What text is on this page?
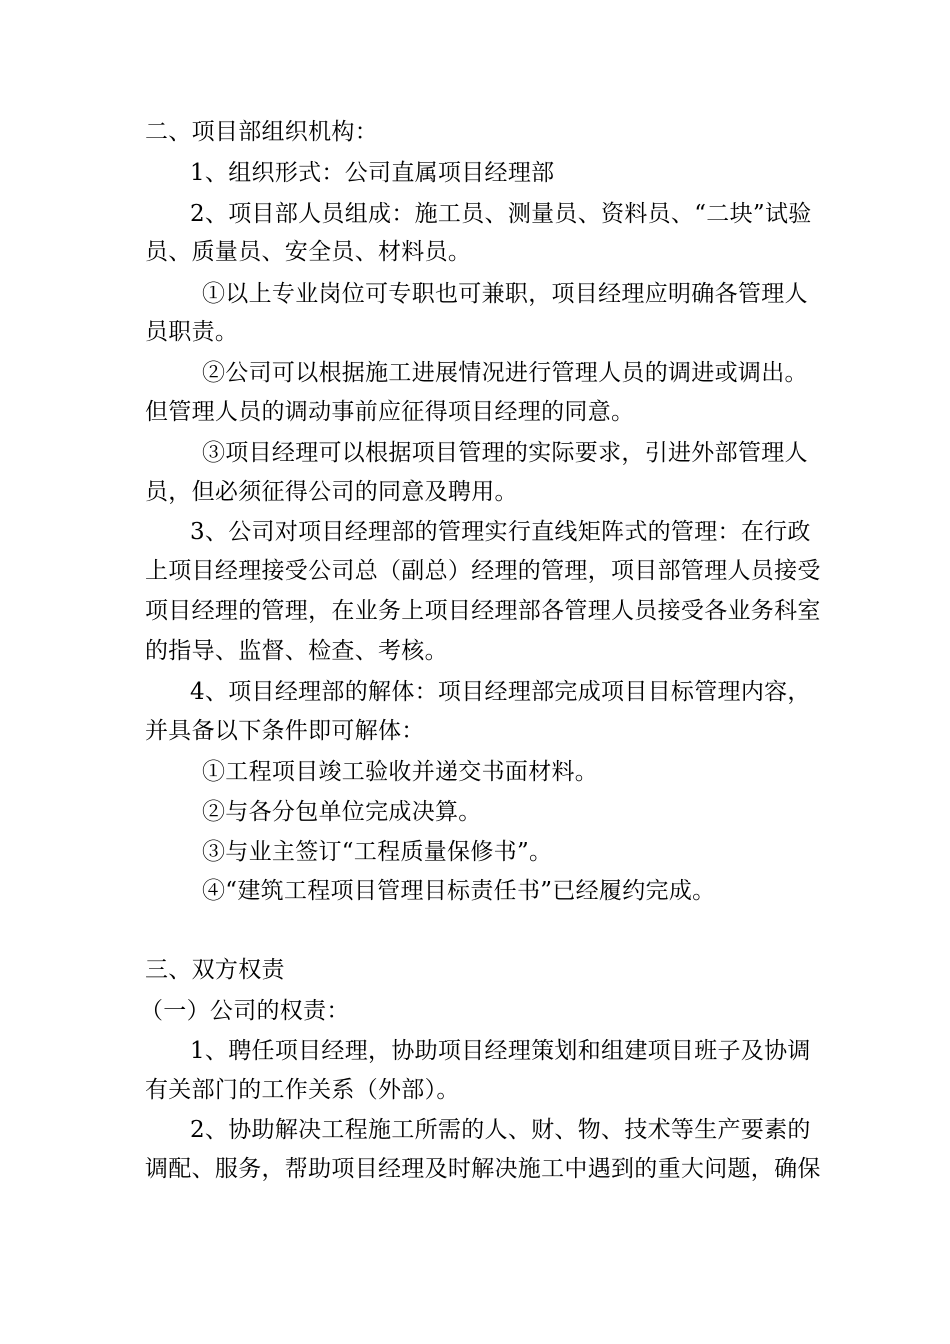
二、项目部组织机构：
1、组织形式：公司直属项目经理部
2、项目部人员组成：施工员、测量员、资料员、“二块”试验
员、质量员、安全员、材料员。
①以上专业岗位可专职也可兼职，项目经理应明确各管理人
员职责。
②公司可以根据施工进展情况进行管理人员的调进或调出。
但管理人员的调动事前应征得项目经理的同意。
③项目经理可以根据项目管理的实际要求，引进外部管理人
员，但必须征得公司的同意及聘用。
3、公司对项目经理部的管理实行直线矩阵式的管理：在行政
上项目经理接受公司总（副总）经理的管理，项目部管理人员接受
项目经理的管理，在业务上项目经理部各管理人员接受各业务科室
的指导、监督、检查、考核。
4、项目经理部的解体：项目经理部完成项目目标管理内容，
并具备以下条件即可解体：
①工程项目竣工验收并递交书面材料。
②与各分包单位完成决算。
③与业主签订“工程质量保修书”。
④“建筑工程项目管理目标责任书”已经履约完成。
三、双方权责
（一）公司的权责：
1、聘任项目经理，协助项目经理策划和组建项目班子及协调
有关部门的工作关系（外部）。
2、协助解决工程施工所需的人、财、物、技术等生产要素的
调配、服务，帮助项目经理及时解决施工中遇到的重大问题，确保
